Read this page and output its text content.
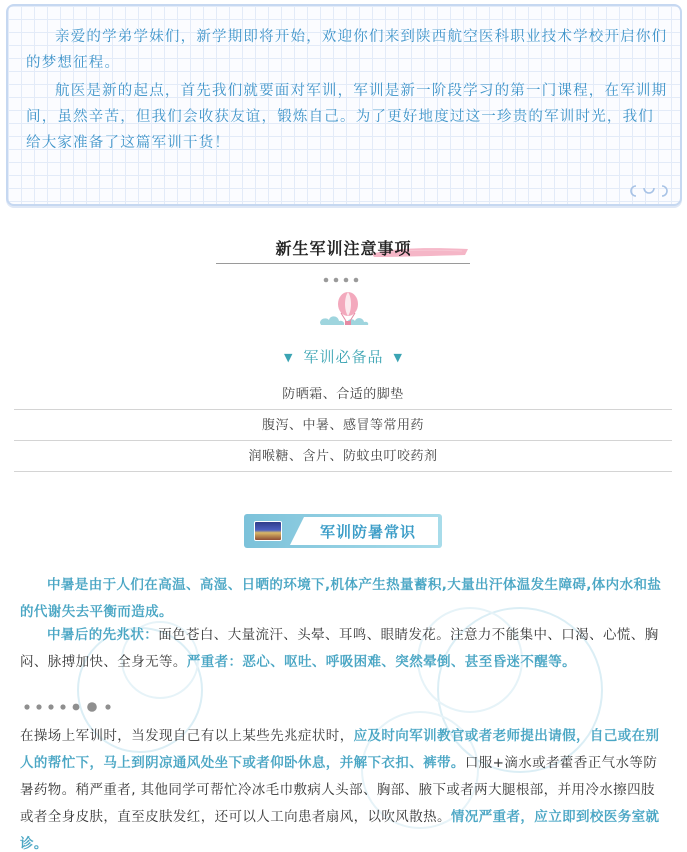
亲爱的学弟学妹们，新学期即将开始，欢迎你们来到陕西航空医科职业技术学校开启你们的梦想征程。

航医是新的起点，首先我们就要面对军训，军训是新一阶段学习的第一门课程，在军训期间，虽然辛苦，但我们会收获友谊，锻炼自己。为了更好地度过这一珍贵的军训时光，我们给大家准备了这篇军训干货！

新生军训注意事项
▼ 军训必备品 ▼
防晒霜、合适的脚垫
腹泻、中暑、感冒等常用药
润喉糖、含片、防蚊虫叮咬药剂
军训防暑常识

中暑是由于人们在高温、高湿、日晒的环境下,机体产生热量蓄积,大量出汗体温发生障碍,体内水和盐的代谢失去平衡而造成。

中暑后的先兆状：面色苍白、大量流汗、头晕、耳鸣、眼睛发花。注意力不能集中、口渴、心慌、胸闷、脉搏加快、全身无等。严重者：恶心、呕吐、呼吸困难、突然晕倒、甚至昏迷不醒等。

在操场上军训时，当发现自己有以上某些先兆症状时，应及时向军训教官或者老师提出请假，自己或在别人的帮忙下，马上到阴凉通风处坐下或者仰卧休息，并解下衣扣、裤带。口服+滴水或者藿香正气水等防暑药物。稍严重者, 其他同学可帮忙冷冰毛巾敷病人头部、胸部、腋下或者两大腿根部，并用冷水擦四肢或者全身皮肤，直至皮肤发红，还可以人工向患者扇风，以吹风散热。情况严重者，应立即到校医务室就诊。
